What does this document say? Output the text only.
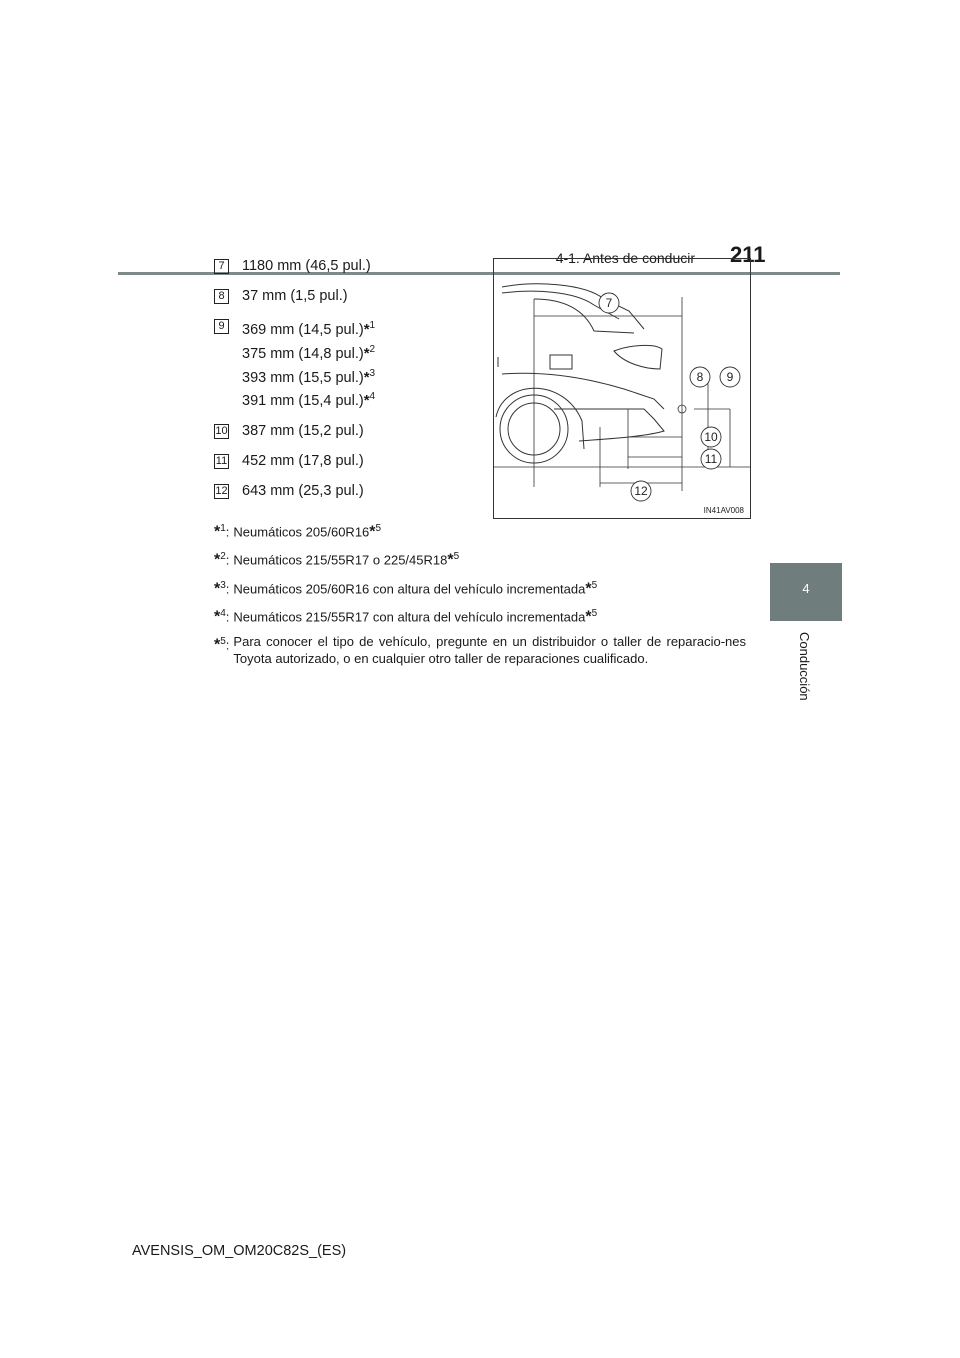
4-1. Antes de conducir 211
4
Conducción
7	1180 mm (46,5 pul.)
8	37 mm (1,5 pul.)
9	369 mm (14,5 pul.)*$^1$
375 mm (14,8 pul.)*$^2$
393 mm (15,5 pul.)*$^3$
391 mm (15,4 pul.)*$^4$
10 387 mm (15,2 pul.)
11 452 mm (17,8 pul.)
12 643 mm (25,3 pul.)
7
8 9
10
11
12
IN41AV008
*$^1$: Neumáticos 205/60R16*$^5$
*$^2$: Neumáticos 215/55R17 o 225/45R18*$^5$
*$^3$: Neumáticos 205/60R16 con altura del vehículo incrementada*$^5$
*$^4$: Neumáticos 215/55R17 con altura del vehículo incrementada*$^5$
*$^5$: Para conocer el tipo de vehículo, pregunte en un distribuidor o taller de reparacio-nes Toyota autorizado, o en cualquier otro taller de reparaciones cualificado.
AVENSIS_OM_OM20C82S_(ES)
